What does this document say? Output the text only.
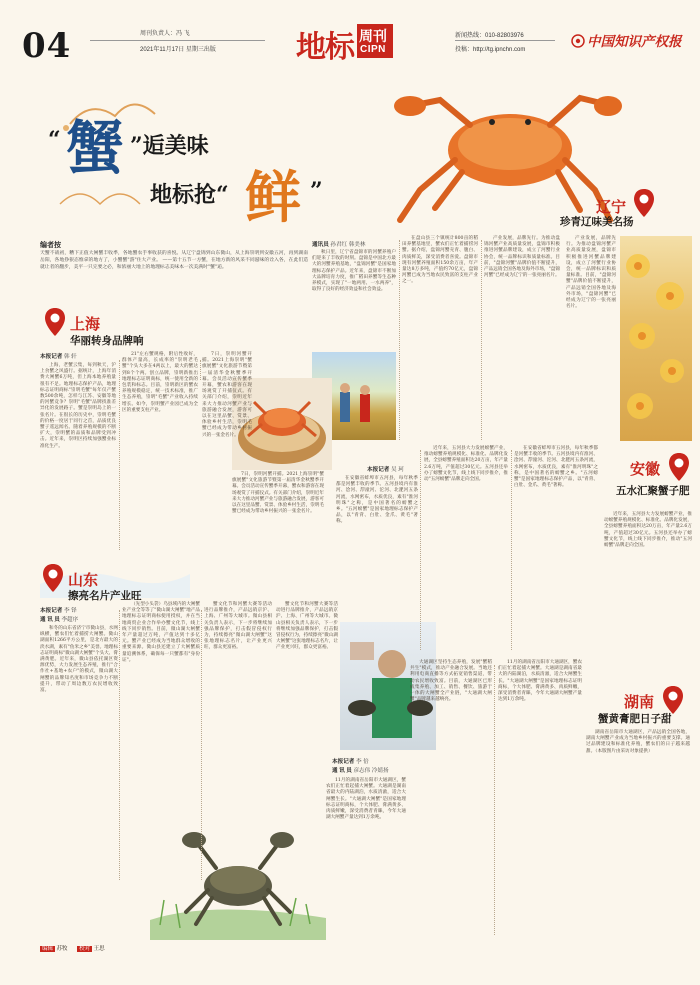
04	周刊负责人：冯 飞
2021年11月17日 星期三出版	地标 周刊
CIPN
新闻热线：010-82803976
投稿：http://tg.ipnchn.com	中国知识产权报
“ 蟹 ”逅美味
地标抢“ 鲜 ”
编者按
天蟹不战初，糟下正值大闸蟹丰收季，各地蟹农手事收获的喜悦。从辽宁盘锦到山东微山，从上海崇明到安徽五河，再到湖南岳阳，各地挣狠态惟拿的地方了，小蟹蟹"游"住大产业。 ——第十五节一方蟹，在地方新的风采不同滋味的诠入各，在此们造就让者的翻步，美平一只完要之必，和浓丽大地上的地理标志美味本一次美满时"蟹"逅。
辽宁
珍青辽味美名扬
通讯员 孙君红 韩美林

秋日里，辽宁省盘锦市的河蟹养殖户们迎来了丰收的时刻。盘锦是中国北方最大的河蟹养殖基地，"盘锦河蟹"是国家地理标志保护产品。近年来，盘锦市不断加大品牌培育力度，推广稻田养蟹等生态种养模式，实现了"一地两用、一水两养"，取得了良好的经济效益和社会效益。

在盘山县三个镇统计800亩的稻田养蟹基地里，蟹农们正忙着捕捞河蟹。据介绍，盘锦河蟹壳青、腹白、肉质鲜美，深受消费者喜爱。盘锦市现有河蟹养殖面积150余万亩，年产量达8万多吨，产值约70亿元，盘锦河蟹已成为当地农民致富的支柱产业之一。

产业发展，品牌先行。为推动盘锦河蟹产业高质量发展，盘锦市积极推进河蟹品牌建设，成立了河蟹行业协会，统一品牌标识和质量标准。目前，"盘锦河蟹"品牌价值不断提升，产品远销全国各地及海外市场，"盘锦河蟹"已经成为辽宁的一张亮丽名片。

产业发展，品牌先行。为推动盘锦河蟹产业高质量发展，盘锦市积极推进河蟹品牌建设，成立了河蟹行业协会，统一品牌标识和质量标准。目前，"盘锦河蟹"品牌价值不断提升，产品远销全国各地及海外市场，"盘锦河蟹"已经成为辽宁的一张亮丽名片。

上海
华丽转身品牌响
本报记者 韩 轩

上海，老蟹云集，每到秋天，沪上食蟹之风盛行。据统计，上海年消费大闸蟹6万吨，但上海本地养殖量很有不足。地理标志保护产品，地理标志证明商标"崇明毛蟹"每年仅产蟹数500余吨，怎样与江苏、安徽等地的河蟹竞争？崇明"毛蟹"品牌找准差异化的发展路子。蟹是崇明岛上的一张名片。在很长的历史中，崇明毛蟹的价格一度居于同行之首，品质优良蟹子遥远闻名。随着养殖规模的不断扩大，崇明蟹的品质和品牌受到冲击。近年来，崇明区持续加强蟹业标准化生产。

21"左右蟹规格，附后性收好，群体产量高，长成率的"崇明老毛蟹"个头大多在4两以上，最大的蟹达到8个个两。创立品牌，崇明新推出地理标志证明商标，统一使用全新的包装和标志。目前，崇明新区的蟹农养殖规模稳定，统一技术标准，推广生态养殖，崇明"毛蟹"产业收入持续增长。如今，崇明蟹产业园已成为全区的重要支柱产业。

7日，崇明河蟹开捕。2021上海崇明"蟹旗展蟹"文化旅游节暨第一届清华金秋蟹季开幕。会员活动宣传蟹季开幕，蟹农和游客在现场观赏了开捕仪式。有关部门介绍，崇明近年来大力推动河蟹产业与旅游融合发展，游客可以在这里品蟹、赏景、体验乡村生活，崇明毛蟹已经成为带动乡村振兴的一张金名片。

7日，崇明河蟹开捕。2021上海崇明"蟹旗展蟹"文化旅游节暨第一届清华金秋蟹季开幕。会员活动宣传蟹季开幕，蟹农和游客在现场观赏了开捕仪式。有关部门介绍，崇明近年来大力推动河蟹产业与旅游融合发展，游客可以在这里品蟹、赏景、体验乡村生活，崇明毛蟹已经成为带动乡村振兴的一张金名片。

本报记者 吴 珂

在安徽省蚌埠市五河县，每年秋季都是河蟹丰收的季节。五河县境内有淮河、浍河、漴潼河、沱河、北淝河五条河流，水网密布，水质优良，素有"淮河明珠"之称，是中国著名的螃蟹之乡。"五河螃蟹"是国家地理标志保护产品，以"青背、白肚、金爪、黄毛"著称。

近年来，五河县大力发展螃蟹产业，推动螃蟹养殖规模化、标准化、品牌化发展，全县螃蟹养殖面积达20万亩，年产量2.6万吨，产值超过30亿元。五河县还举办了螃蟹文化节，线上线下同步推介，推动"五河螃蟹"品牌走向全国。

在安徽省蚌埠市五河县，每年秋季都是河蟹丰收的季节。五河县境内有淮河、浍河、漴潼河、沱河、北淝河五条河流，水网密布，水质优良，素有"淮河明珠"之称，是中国著名的螃蟹之乡。"五河螃蟹"是国家地理标志保护产品，以"青背、白肚、金爪、黄毛"著称。

近年来，五河县大力发展螃蟹产业，推动螃蟹养殖规模化、标准化、品牌化发展，全县螃蟹养殖面积达20万亩，年产量2.6万吨，产值超过30亿元。五河县还举办了螃蟹文化节，线上线下同步推介，推动"五河螃蟹"品牌走向全国。

安徽
五水汇聚蟹子肥
山东
擦亮名片产业旺
本报记者 李 铎
通 讯 员 李超序

和冬的山东省济宁市微山县，水网纵横，蟹农们忙着捕捞大闸蟹。微山湖面积1266平方公里，是北方最大的淡水湖，素有"鱼米之乡"美誉。地理标志证明商标"微山湖大闸蟹"个头大、膏满黄肥。近年来，微山县依托湖区资源优势，大力发展生态养殖，推行"合作社+基地+农户"的模式，微山湖大闸蟹的品牌知名度和市场竞争力不断提升，带动了周边数万农民增收致富。

（先型小头袋）乌县域内的大闸蟹业产业全等等了"微山湖大闸蟹"地产品地理标志证明商标使用授权，并在当地商贸企业合作举办蟹文化节，线上线下同步销售。目前，微山湖大闸蟹年产量超过万吨，产值达到十多亿元。蟹产业已经成为当地群众增收的重要来源。微山县还建立了大闸蟹质量追溯体系，确保每一只蟹都有"身份证"。

蟹文化节和河蟹大赛等活动进行品牌推介，产品远销京沪、上海、广州等大城市。微山县相关负责人表示，下一步将继续加强品牌保护，打击假冒侵权行为，持续擦亮"微山湖大闸蟹"这张地理标志名片，让产业更兴旺，群众更富裕。

蟹文化节和河蟹大赛等活动进行品牌推介，产品远销京沪、上海、广州等大城市。微山县相关负责人表示，下一步将继续加强品牌保护，打击假冒侵权行为，持续擦亮"微山湖大闸蟹"这张地理标志名片，让产业更兴旺，群众更富裕。

本报记者 李 倍
通 讯 员 彦志伟 冷婧扬

11月的湖南省岳阳市大通湖区，蟹农们正忙着起捕大闸蟹。大通湖是湖南省最大的内陆湖泊，水质清澈，适合大闸蟹生长。"大通湖大闸蟹"是国家地理标志证明商标，个大体肥、膏满黄多、肉质鲜嫩，深受消费者青睐，今年大通湖大闸蟹产量达到1万余吨。

大通湖区坚持生态养殖，发展"蟹稻共生"模式，推动产业融合发展。当地还利用电商直播等方式拓宽销售渠道，带动农民增收致富。目前，大通湖区已形成集养殖、加工、销售、餐饮、旅游于一体的大闸蟹全产业链，"大通湖大闸蟹"品牌越来越响亮。

11月的湖南省岳阳市大通湖区，蟹农们正忙着起捕大闸蟹。大通湖是湖南省最大的内陆湖泊，水质清澈，适合大闸蟹生长。"大通湖大闸蟹"是国家地理标志证明商标，个大体肥、膏满黄多、肉质鲜嫩，深受消费者青睐，今年大通湖大闸蟹产量达到1万余吨。

湖南省岳阳市大通湖区，产品远销全国各地，湖南大闸蟹产业成为当地乡村振兴的重要支撑。通过品牌建设和标准化养殖，蟹农们的日子越来越甜。（本版图片由采访对象提供）

湖南
蟹黄膏肥日子甜
编辑 苏牧 校对 王思
